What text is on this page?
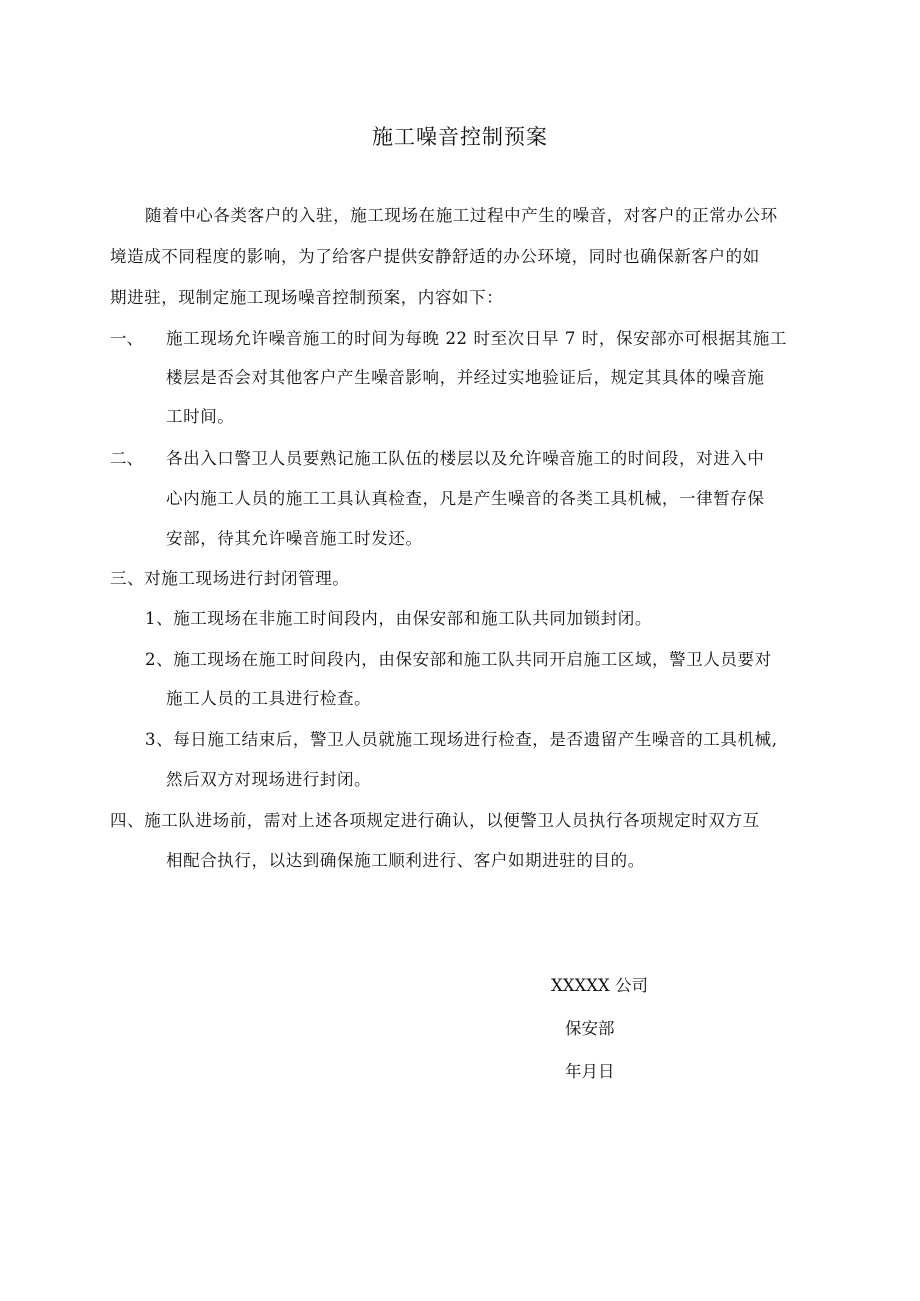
施工噪音控制预案
随着中心各类客户的入驻，施工现场在施工过程中产生的噪音，对客户的正常办公环
境造成不同程度的影响，为了给客户提供安静舒适的办公环境，同时也确保新客户的如
期进驻，现制定施工现场噪音控制预案，内容如下：
一、 施工现场允许噪音施工的时间为每晚 22 时至次日早 7 时，保安部亦可根据其施工
楼层是否会对其他客户产生噪音影响，并经过实地验证后，规定其具体的噪音施
工时间。
二、 各出入口警卫人员要熟记施工队伍的楼层以及允许噪音施工的时间段，对进入中
心内施工人员的施工工具认真检查，凡是产生噪音的各类工具机械，一律暂存保
安部，待其允许噪音施工时发还。
三、对施工现场进行封闭管理。
1、施工现场在非施工时间段内，由保安部和施工队共同加锁封闭。
2、施工现场在施工时间段内，由保安部和施工队共同开启施工区域，警卫人员要对
施工人员的工具进行检查。
3、每日施工结束后，警卫人员就施工现场进行检查，是否遗留产生噪音的工具机械,
然后双方对现场进行封闭。
四、施工队进场前，需对上述各项规定进行确认，以便警卫人员执行各项规定时双方互
相配合执行，以达到确保施工顺利进行、客户如期进驻的目的。
XXXXX 公司
保安部
年月日
